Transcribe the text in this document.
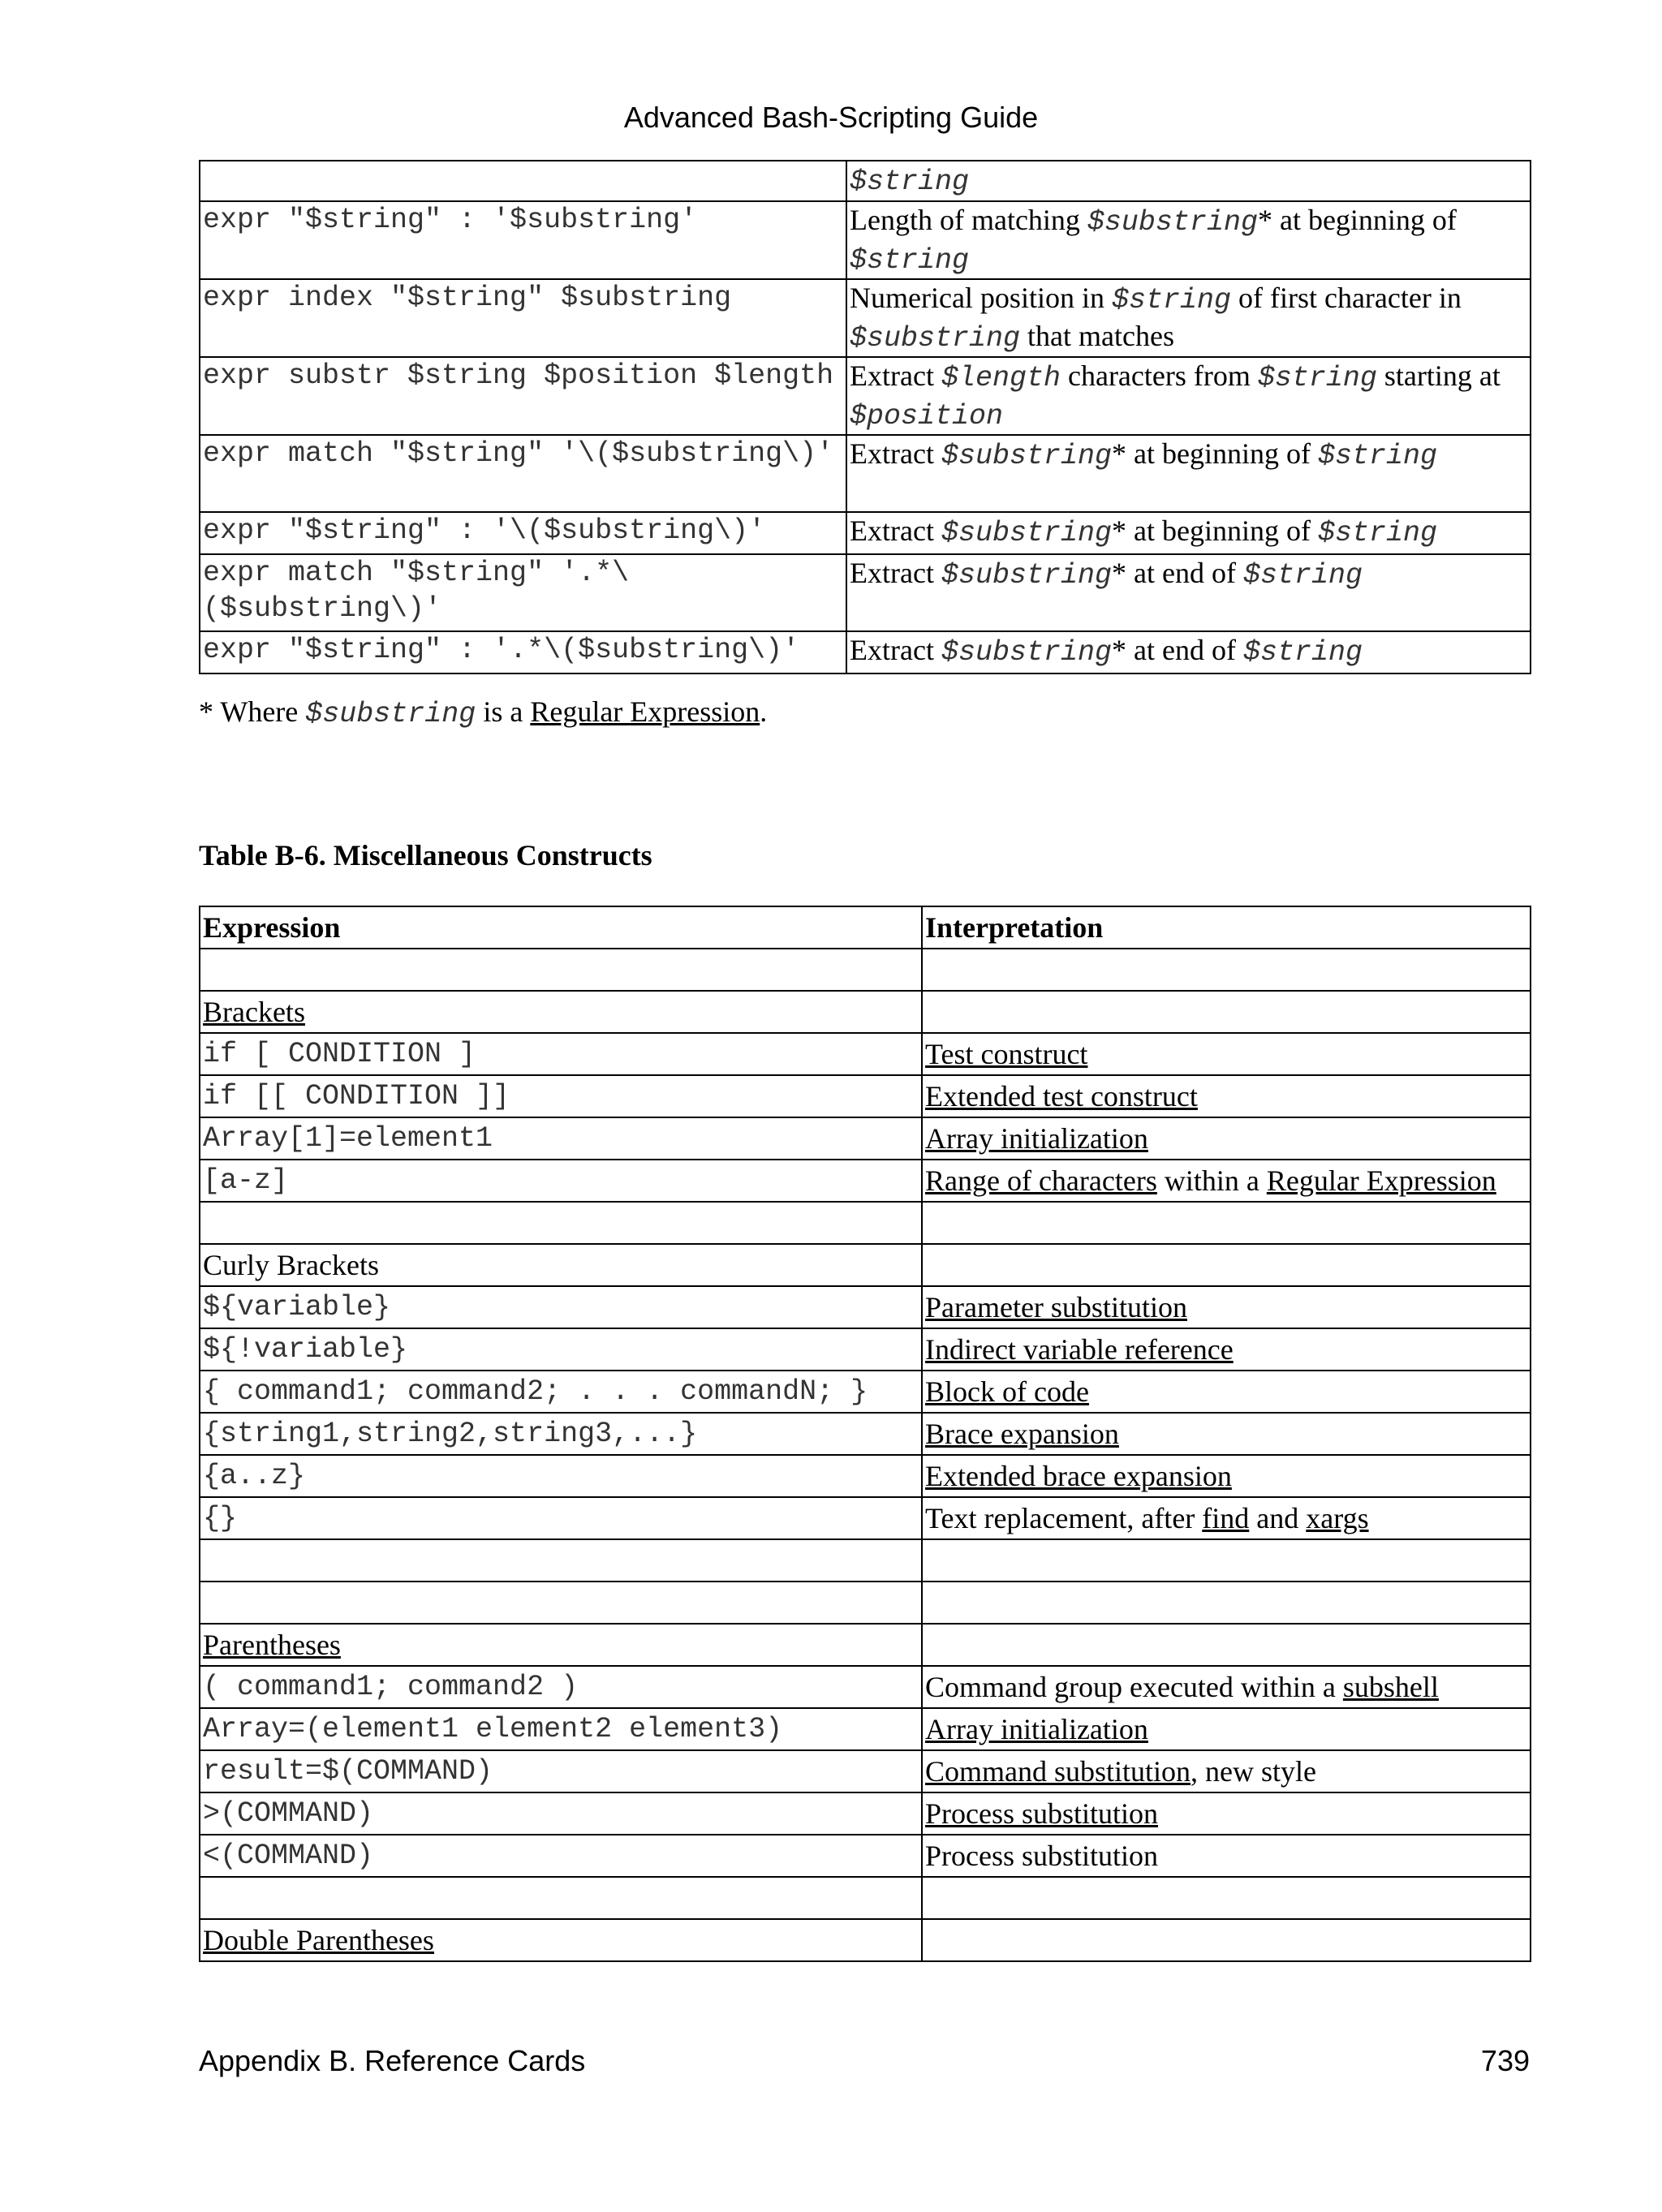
Advanced Bash-Scripting Guide
	$string
expr "$string" : '$substring'	Length of matching $substring* at beginning of $string
expr index "$string" $substring	Numerical position in $string of first character in $substring that matches
expr substr $string $position $length	Extract $length characters from $string starting at $position
expr match "$string" '\($substring\)'	Extract $substring* at beginning of $string
expr "$string" : '\($substring\)'	Extract $substring* at beginning of $string
expr match "$string" '.*\($substring\)'	Extract $substring* at end of $string
expr "$string" : '.*\($substring\)'	Extract $substring* at end of $string
* Where $substring is a Regular Expression.
Table B-6. Miscellaneous Constructs
Expression	Interpretation

Brackets	
if [ CONDITION ]	Test construct
if [[ CONDITION ]]	Extended test construct
Array[1]=element1	Array initialization
[a-z]	Range of characters within a Regular Expression

Curly Brackets	
${variable}	Parameter substitution
${!variable}	Indirect variable reference
{ command1; command2; . . . commandN; }	Block of code
{string1,string2,string3,...}	Brace expansion
{a..z}	Extended brace expansion
{}	Text replacement, after find and xargs

Parentheses	
( command1; command2 )	Command group executed within a subshell
Array=(element1 element2 element3)	Array initialization
result=$(COMMAND)	Command substitution, new style
>(COMMAND)	Process substitution
<(COMMAND)	Process substitution

Double Parentheses	
Appendix B. Reference Cards	739
